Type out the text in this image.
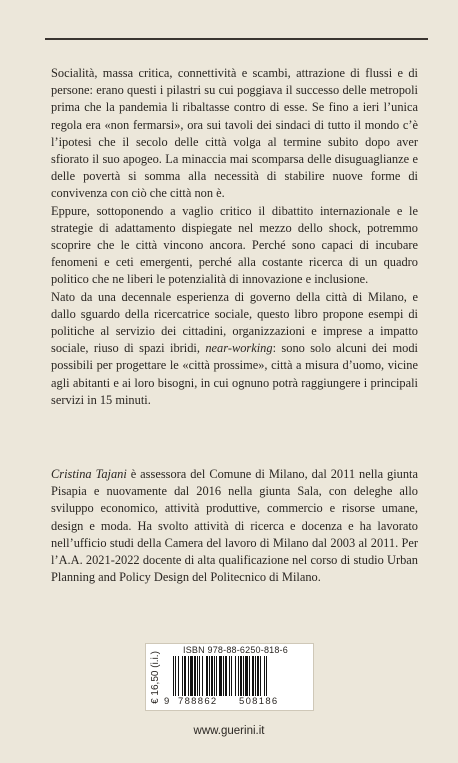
Socialità, massa critica, connettività e scambi, attrazione di flussi e di persone: erano questi i pilastri su cui poggiava il successo delle metropoli prima che la pandemia li ribaltasse contro di esse. Se fino a ieri l’unica regola era «non fermarsi», ora sui tavoli dei sindaci di tutto il mondo c’è l’ipotesi che il secolo delle città volga al termine subito dopo aver sfiorato il suo apogeo. La minaccia mai scomparsa delle disuguaglianze e delle povertà si somma alla necessità di stabilire nuove forme di convivenza con ciò che città non è.

Eppure, sottoponendo a vaglio critico il dibattito internazionale e le strategie di adattamento dispiegate nel mezzo dello shock, potremmo scoprire che le città vincono ancora. Perché sono capaci di incubare fenomeni e ceti emergenti, perché alla costante ricerca di un quadro politico che ne liberi le potenzialità di innovazione e inclusione.

Nato da una decennale esperienza di governo della città di Milano, e dallo sguardo della ricercatrice sociale, questo libro propone esempi di politiche al servizio dei cittadini, organizzazioni e imprese a impatto sociale, riuso di spazi ibridi, near-working: sono solo alcuni dei modi possibili per progettare le «città prossime», città a misura d’uomo, vicine agli abitanti e ai loro bisogni, in cui ognuno potrà raggiungere i principali servizi in 15 minuti.

Cristina Tajani è assessora del Comune di Milano, dal 2011 nella giunta Pisapia e nuovamente dal 2016 nella giunta Sala, con deleghe allo sviluppo economico, attività produttive, commercio e risorse umane, design e moda. Ha svolto attività di ricerca e docenza e ha lavorato nell’ufficio studi della Camera del lavoro di Milano dal 2003 al 2011. Per l’A.A. 2021-2022 docente di alta qualificazione nel corso di studio Urban Planning and Policy Design del Politecnico di Milano.

€ 16,50 (i.i.)
ISBN 978-88-6250-818-6
9 788862	508186
www.guerini.it
